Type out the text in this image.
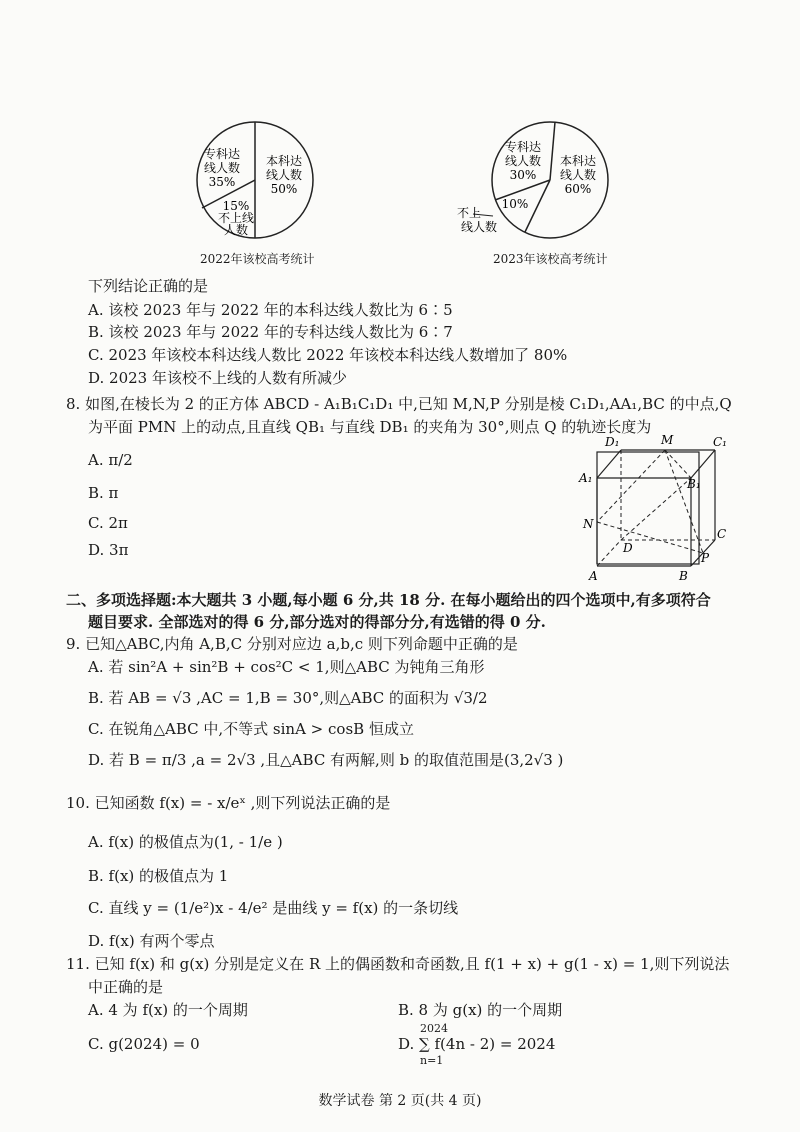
本科达
线人数
50%
专科达
线人数
35%
15%
不上线
人数
2022年该校高考统计
本科达
线人数
60%
专科达
线人数
30%
10%
不上
线人数
2023年该校高考统计
下列结论正确的是
A. 该校 2023 年与 2022 年的本科达线人数比为 6∶5
B. 该校 2023 年与 2022 年的专科达线人数比为 6∶7
C. 2023 年该校本科达线人数比 2022 年该校本科达线人数增加了 80%
D. 2023 年该校不上线的人数有所减少
8. 如图,在棱长为 2 的正方体 ABCD - A₁B₁C₁D₁ 中,已知 M,N,P 分别是棱 C₁D₁,AA₁,BC 的中点,Q
为平面 PMN 上的动点,且直线 QB₁ 与直线 DB₁ 的夹角为 30°,则点 Q 的轨迹长度为
A. π/2
B. π
C. 2π
D. 3π
D₁	M	C₁
A₁	B₁
N
C
D
P
A	B
二、多项选择题:本大题共 3 小题,每小题 6 分,共 18 分. 在每小题给出的四个选项中,有多项符合
题目要求. 全部选对的得 6 分,部分选对的得部分分,有选错的得 0 分.
9. 已知△ABC,内角 A,B,C 分别对应边 a,b,c 则下列命题中正确的是
A. 若 sin²A + sin²B + cos²C < 1,则△ABC 为钝角三角形
B. 若 AB = √3 ,AC = 1,B = 30°,则△ABC 的面积为 √3/2
C. 在锐角△ABC 中,不等式 sinA > cosB 恒成立
D. 若 B = π/3 ,a = 2√3 ,且△ABC 有两解,则 b 的取值范围是(3,2√3 )
10. 已知函数 f(x) = - x/eˣ ,则下列说法正确的是
A. f(x) 的极值点为(1, - 1/e )
B. f(x) 的极值点为 1
C. 直线 y = (1/e²)x - 4/e² 是曲线 y = f(x) 的一条切线
D. f(x) 有两个零点
11. 已知 f(x) 和 g(x) 分别是定义在 R 上的偶函数和奇函数,且 f(1 + x) + g(1 - x) = 1,则下列说法
中正确的是
A. 4 为 f(x) 的一个周期	B. 8 为 g(x) 的一个周期
C. g(2024) = 0
2024
D. ∑ f(4n - 2) = 2024
n=1
数学试卷 第 2 页(共 4 页)
